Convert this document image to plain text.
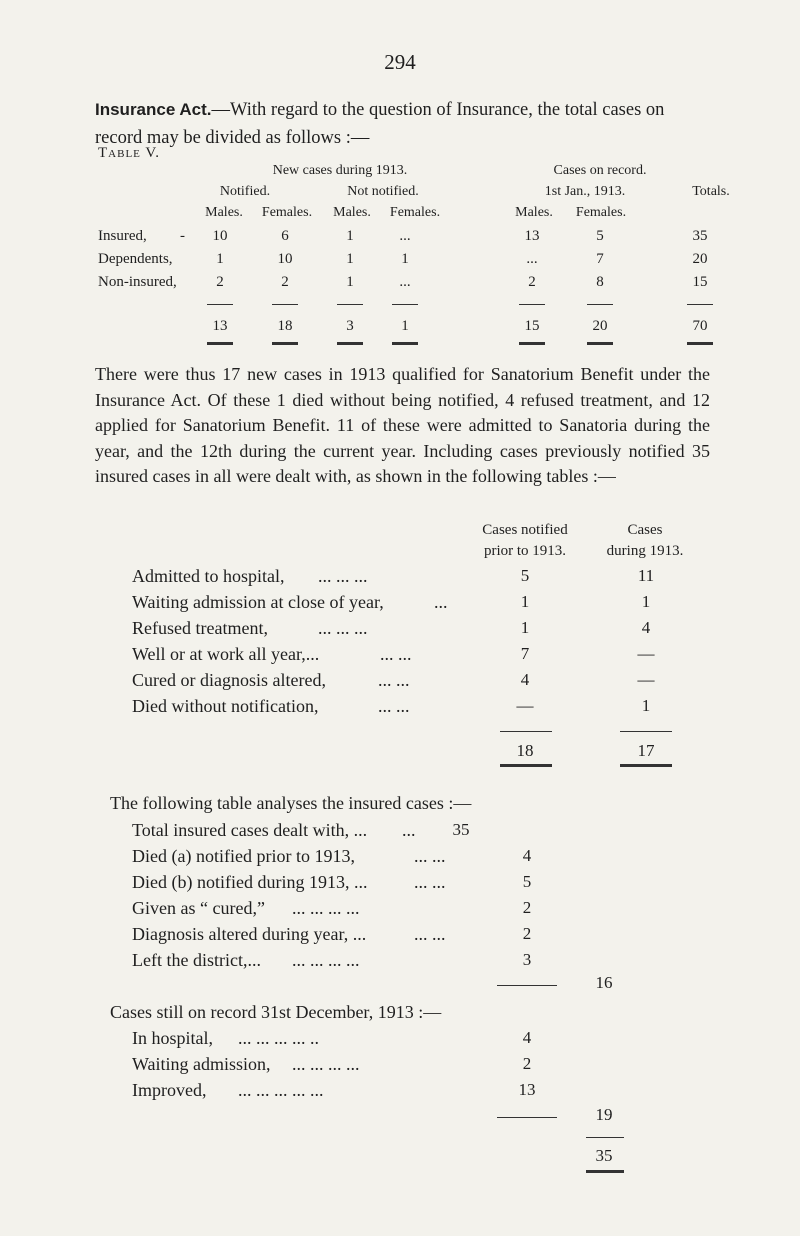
294
Insurance Act.—With regard to the question of Insurance, the total cases on record may be divided as follows :—
Table V.
New cases during 1913.	Cases on record.
Notified.	Not notified.	1st Jan., 1913.	Totals.
Males.	Females.	Males.	Females.	Males.	Females.
Insured, -	10	6	1	...	13	5	35
Dependents,	1	10	1	1	...	7	20
Non-insured,	2	2	1	...	2	8	15
13	18	3	1	15	20	70
There were thus 17 new cases in 1913 qualified for Sanatorium Benefit under the Insurance Act. Of these 1 died without being notified, 4 refused treatment, and 12 applied for Sanatorium Benefit. 11 of these were admitted to Sanatoria during the year, and the 12th during the current year. Including cases previously notified 35 insured cases in all were dealt with, as shown in the following tables :—
Cases notified
prior to 1913.
Cases
during 1913.
Admitted to hospital, ... ... ...	5	11
Waiting admission at close of year,	...	1	1
Refused treatment,	... ... ...	1	4
Well or at work all year,...	... ...	7	—
Cured or diagnosis altered,	... ...	4	—
Died without notification,	... ...	—	1
18	17
The following table analyses the insured cases :—
Total insured cases dealt with, ... ...	35
Died (a) notified prior to 1913,	... ...	4
Died (b) notified during 1913, ...	... ...	5
Given as “ cured,” ... ... ... ...	2
Diagnosis altered during year, ...	... ...	2
Left the district,... ... ... ... ...	3
16
Cases still on record 31st December, 1913 :—
In hospital, ... ... ... ... ..	4
Waiting admission, ... ... ... ...	2
Improved, ... ... ... ... ...	13
19
35
